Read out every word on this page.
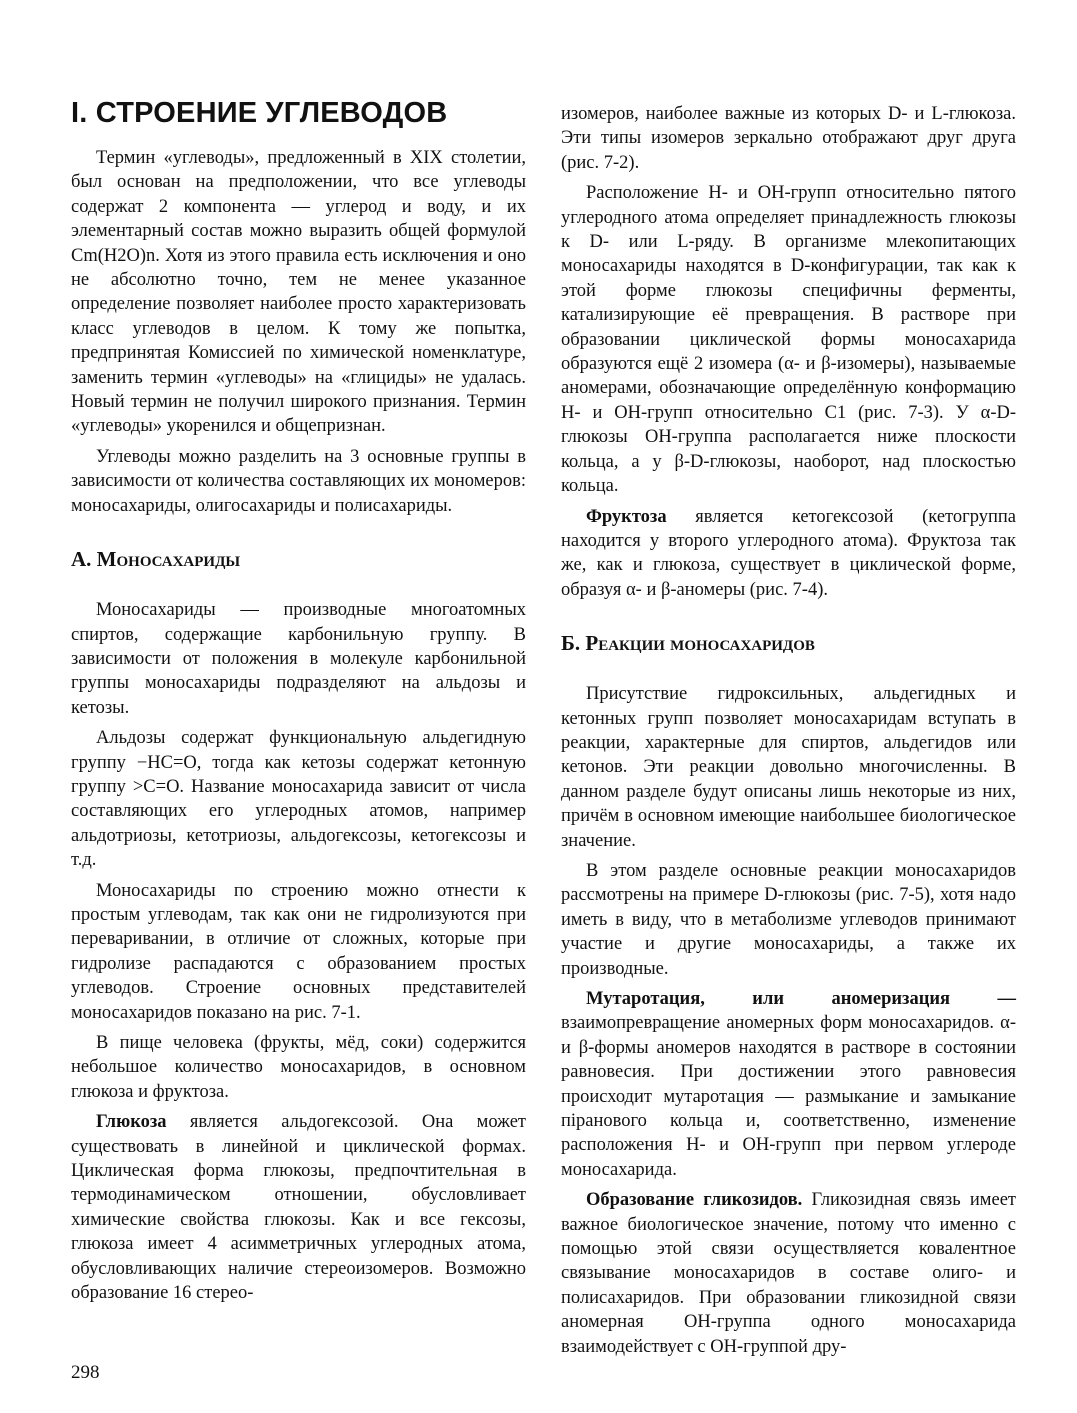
I. СТРОЕНИЕ УГЛЕВОДОВ

Термин «углеводы», предложенный в XIX столетии, был основан на предположении, что все углеводы содержат 2 компонента — углерод и воду, и их элементарный состав можно выразить общей формулой Cm(H2O)n. Хотя из этого правила есть исключения и оно не абсолютно точно, тем не менее указанное определение позволяет наиболее просто характеризовать класс углеводов в целом. К тому же попытка, предпринятая Комиссией по химической номенклатуре, заменить термин «углеводы» на «глициды» не удалась. Новый термин не получил широкого признания. Термин «углеводы» укоренился и общепризнан.

Углеводы можно разделить на 3 основные группы в зависимости от количества составляющих их мономеров: моносахариды, олигосахариды и полисахариды.

А. Моносахариды

Моносахариды — производные многоатомных спиртов, содержащие карбонильную группу. В зависимости от положения в молекуле карбонильной группы моносахариды подразделяют на альдозы и кетозы.

Альдозы содержат функциональную альдегидную группу −HC=O, тогда как кетозы содержат кетонную группу >C=O. Название моносахарида зависит от числа составляющих его углеродных атомов, например альдотриозы, кетотриозы, альдогексозы, кетогексозы и т.д.

Моносахариды по строению можно отнести к простым углеводам, так как они не гидролизуются при переваривании, в отличие от сложных, которые при гидролизе распадаются с образованием простых углеводов. Строение основных представителей моносахаридов показано на рис. 7-1.

В пище человека (фрукты, мёд, соки) содержится небольшое количество моносахаридов, в основном глюкоза и фруктоза.

Глюкоза является альдогексозой. Она может существовать в линейной и циклической формах. Циклическая форма глюкозы, предпочтительная в термодинамическом отношении, обусловливает химические свойства глюкозы. Как и все гексозы, глюкоза имеет 4 асимметричных углеродных атома, обусловливающих наличие стереоизомеров. Возможно образование 16 стерео-

изомеров, наиболее важные из которых D- и L-глюкоза. Эти типы изомеров зеркально отображают друг друга (рис. 7-2).

Расположение Н- и ОН-групп относительно пятого углеродного атома определяет принадлежность глюкозы к D- или L-ряду. В организме млекопитающих моносахариды находятся в D-конфигурации, так как к этой форме глюкозы специфичны ферменты, катализирующие её превращения. В растворе при образовании циклической формы моносахарида образуются ещё 2 изомера (α- и β-изомеры), называемые аномерами, обозначающие определённую конформацию Н- и ОН-групп относительно C1 (рис. 7-3). У α-D-глюкозы ОН-группа располагается ниже плоскости кольца, а у β-D-глюкозы, наоборот, над плоскостью кольца.

Фруктоза является кетогексозой (кетогруппа находится у второго углеродного атома). Фруктоза так же, как и глюкоза, существует в циклической форме, образуя α- и β-аномеры (рис. 7-4).

Б. Реакции моносахаридов

Присутствие гидроксильных, альдегидных и кетонных групп позволяет моносахаридам вступать в реакции, характерные для спиртов, альдегидов или кетонов. Эти реакции довольно многочисленны. В данном разделе будут описаны лишь некоторые из них, причём в основном имеющие наибольшее биологическое значение.

В этом разделе основные реакции моносахаридов рассмотрены на примере D-глюкозы (рис. 7-5), хотя надо иметь в виду, что в метаболизме углеводов принимают участие и другие моносахариды, а также их производные.

Мутаротация, или аномеризация — взаимопревращение аномерных форм моносахаридов. α- и β-формы аномеров находятся в растворе в состоянии равновесия. При достижении этого равновесия происходит мутаротация — размыкание и замыкание піранового кольца и, соответственно, изменение расположения Н- и ОН-групп при первом углероде моносахарида.

Образование гликозидов. Гликозидная связь имеет важное биологическое значение, потому что именно с помощью этой связи осуществляется ковалентное связывание моносахаридов в составе олиго- и полисахаридов. При образовании гликозидной связи аномерная ОН-группа одного моносахарида взаимодействует с ОН-группой дру-

298
